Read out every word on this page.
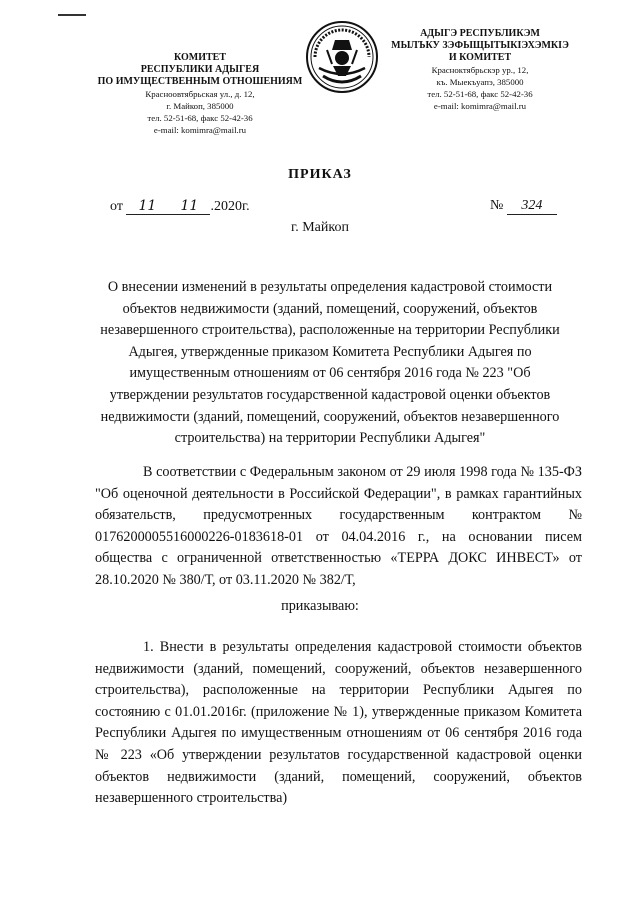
КОМИТЕТ
РЕСПУБЛИКИ АДЫГЕЯ
ПО ИМУЩЕСТВЕННЫМ ОТНОШЕНИЯМ
Красноовтябрьская ул., д. 12,
г. Майкоп, 385000
тел. 52-51-68, факс 52-42-36
e-mail: komimra@mail.ru
АДЫГЭ РЕСПУБЛИКЭМ
МЫЛЪКУ ЗЭФЫЩЫТЫКIЭХЭМКIЭ
И КОМИТЕТ
Красноктябрьскэр ур., 12,
къ. Мыекъуапэ, 385000
тел. 52-51-68, факс 52-42-36
e-mail: komimra@mail.ru
ПРИКАЗ
от 11 11 .2020г.	№ 324
г. Майкоп
О внесении изменений в результаты определения кадастровой стоимости объектов недвижимости (зданий, помещений, сооружений, объектов незавершенного строительства), расположенные на территории Республики Адыгея, утвержденные приказом Комитета Республики Адыгея по имущественным отношениям от 06 сентября 2016 года № 223 "Об утверждении результатов государственной кадастровой оценки объектов недвижимости (зданий, помещений, сооружений, объектов незавершенного строительства) на территории Республики Адыгея"
В соответствии с Федеральным законом от 29 июля 1998 года № 135-ФЗ "Об оценочной деятельности в Российской Федерации", в рамках гарантийных обязательств, предусмотренных государственным контрактом № 0176200005516000226-0183618-01 от 04.04.2016 г., на основании писем общества с ограниченной ответственностью «ТЕРРА ДОКС ИНВЕСТ» от 28.10.2020 № 380/Т, от 03.11.2020 № 382/Т,
приказываю:
1. Внести в результаты определения кадастровой стоимости объектов недвижимости (зданий, помещений, сооружений, объектов незавершенного строительства), расположенные на территории Республики Адыгея по состоянию с 01.01.2016г. (приложение № 1), утвержденные приказом Комитета Республики Адыгея по имущественным отношениям от 06 сентября 2016 года № 223 «Об утверждении результатов государственной кадастровой оценки объектов недвижимости (зданий, помещений, сооружений, объектов незавершенного строительства)
